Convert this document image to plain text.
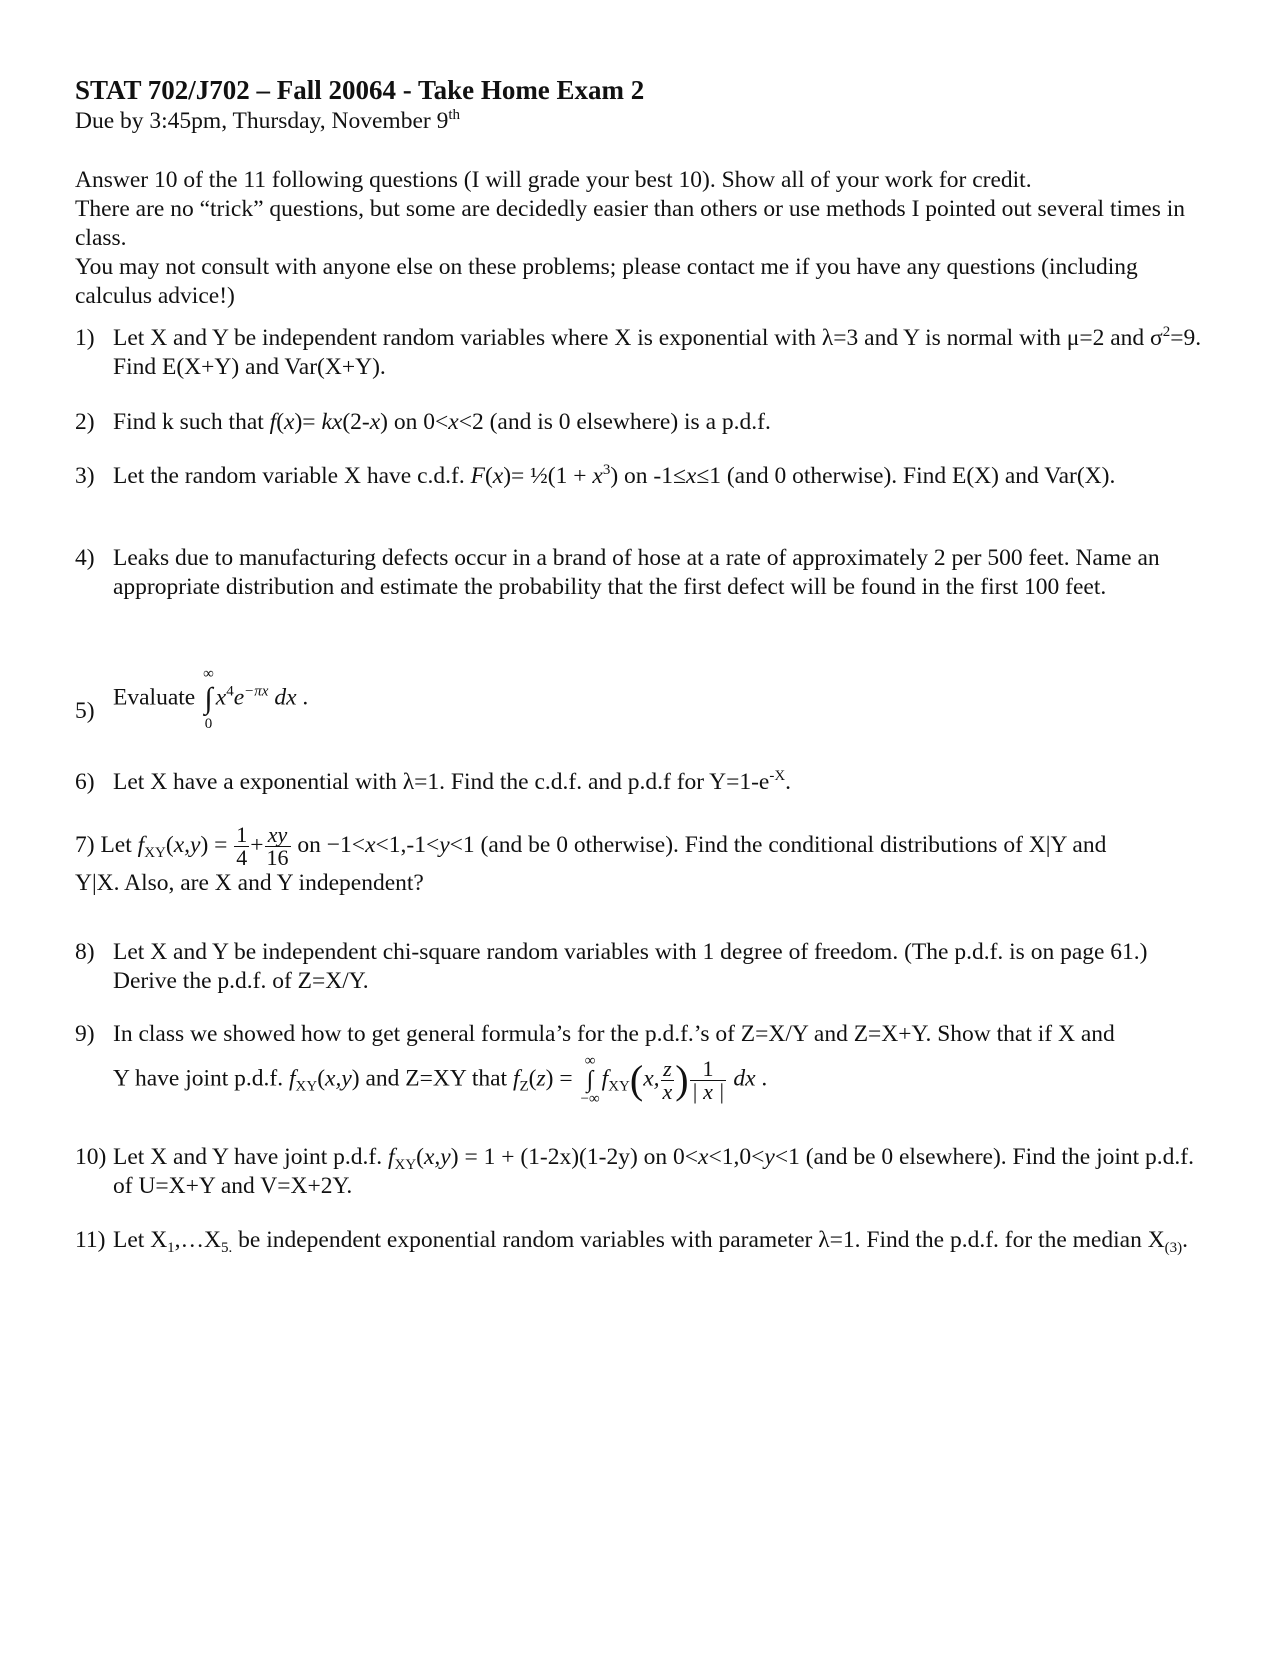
STAT 702/J702 – Fall 20064 - Take Home Exam 2
Due by 3:45pm, Thursday, November 9th

Answer 10 of the 11 following questions (I will grade your best 10). Show all of your work for credit.

There are no “trick” questions, but some are decidedly easier than others or use methods I pointed out several times in class.

You may not consult with anyone else on these problems; please contact me if you have any questions (including calculus advice!)

1) Let X and Y be independent random variables where X is exponential with λ=3 and Y is normal with μ=2 and $\sigma^2=9$. Find E(X+Y) and Var(X+Y).
2) Find k such that f(x)= kx(2-x) on 0<x<2 (and is 0 elsewhere) is a p.d.f.
3) Let the random variable X have c.d.f. F(x)= ½(1 + $x^3$) on -1≤x≤1 (and 0 otherwise). Find E(X) and Var(X).
4) Leaks due to manufacturing defects occur in a brand of hose at a rate of approximately 2 per 500 feet. Name an appropriate distribution and estimate the probability that the first defect will be found in the first 100 feet.
5)
Evaluate
∞
∫
0
$x^4e^{-\pi x}$ dx .
6) Let X have a exponential with λ=1. Find the c.d.f. and p.d.f for $Y=1-e^{-X}$.
7) Let $f_{XY}(x,y) = \frac{1}{4} + \frac{xy}{16}$ on −1<x<1,-1<y<1 (and be 0 otherwise). Find the conditional distributions of X|Y and
Y|X. Also, are X and Y independent?
8) Let X and Y be independent chi-square random variables with 1 degree of freedom. (The p.d.f. is on page 61.) Derive the p.d.f. of Z=X/Y.
9) In class we showed how to get general formula’s for the p.d.f.’s of Z=X/Y and Z=X+Y. Show that if X and
Y have joint p.d.f. $f_{XY}(x,y)$ and Z=XY that $f_Z(z)$ =
∞
∫
−∞
$f_{XY}(x$, $\frac{z}{x}$ ) $\frac{1}{| x |}$ dx .
10) Let X and Y have joint p.d.f. $f_{XY}(x,y) = 1 + (1-2x)(1-2y)$ on 0<x<1,0<y<1 (and be 0 elsewhere). Find the joint p.d.f. of U=X+Y and V=X+2Y.
11) Let $X_1,\dots X_{5.}$ be independent exponential random variables with parameter λ=1. Find the p.d.f. for the median $X_{(3)}$.
